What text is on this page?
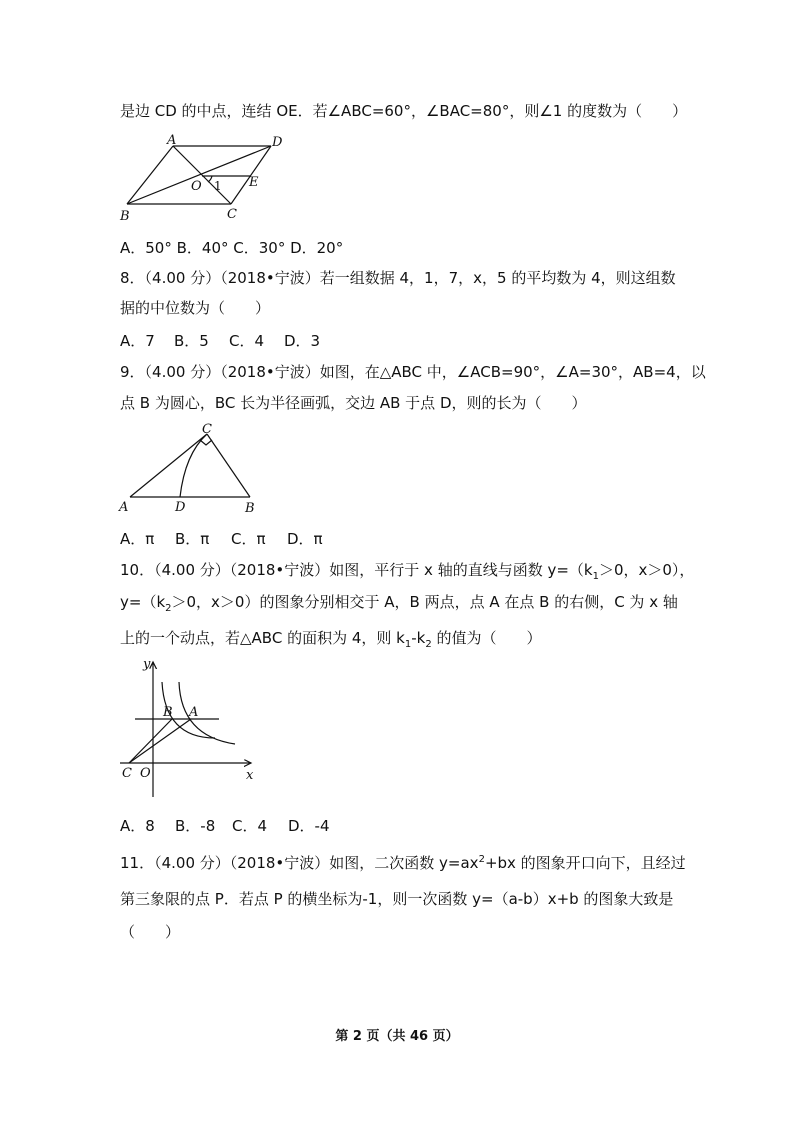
是边 CD 的中点，连结 OE．若∠ABC=60°，∠BAC=80°，则∠1 的度数为（　　）
A	D
O 1 E
B	C
A．50° B．40° C．30° D．20°
8．（4.00 分）（2018•宁波）若一组数据 4，1，7，x，5 的平均数为 4，则这组数
据的中位数为（　　）
A．7 B．5 C．4 D．3
9．（4.00 分）（2018•宁波）如图，在△ABC 中，∠ACB=90°，∠A=30°，AB=4，以
点 B 为圆心，BC 长为半径画弧，交边 AB 于点 D，则的长为（　　）
C
A	D	B
A．π B．π C．π D．π
10．（4.00 分）（2018•宁波）如图，平行于 x 轴的直线与函数 $y=(k_1>0$，x＞0），
$y=(k_2>0$，x＞0）的图象分别相交于 A，B 两点，点 A 在点 B 的右侧，C 为 x 轴
上的一个动点，若△ABC 的面积为 4，则 $k_1-k_2$ 的值为（　　）
y
B A
C O	x
A．8 B．-8 C．4 D．-4
11．（4.00 分）（2018•宁波）如图，二次函数 $y=ax^2+bx$ 的图象开口向下，且经过
第三象限的点 P．若点 P 的横坐标为-1，则一次函数 y=（a-b）x+b 的图象大致是
（　　）
第 2 页（共 46 页）
